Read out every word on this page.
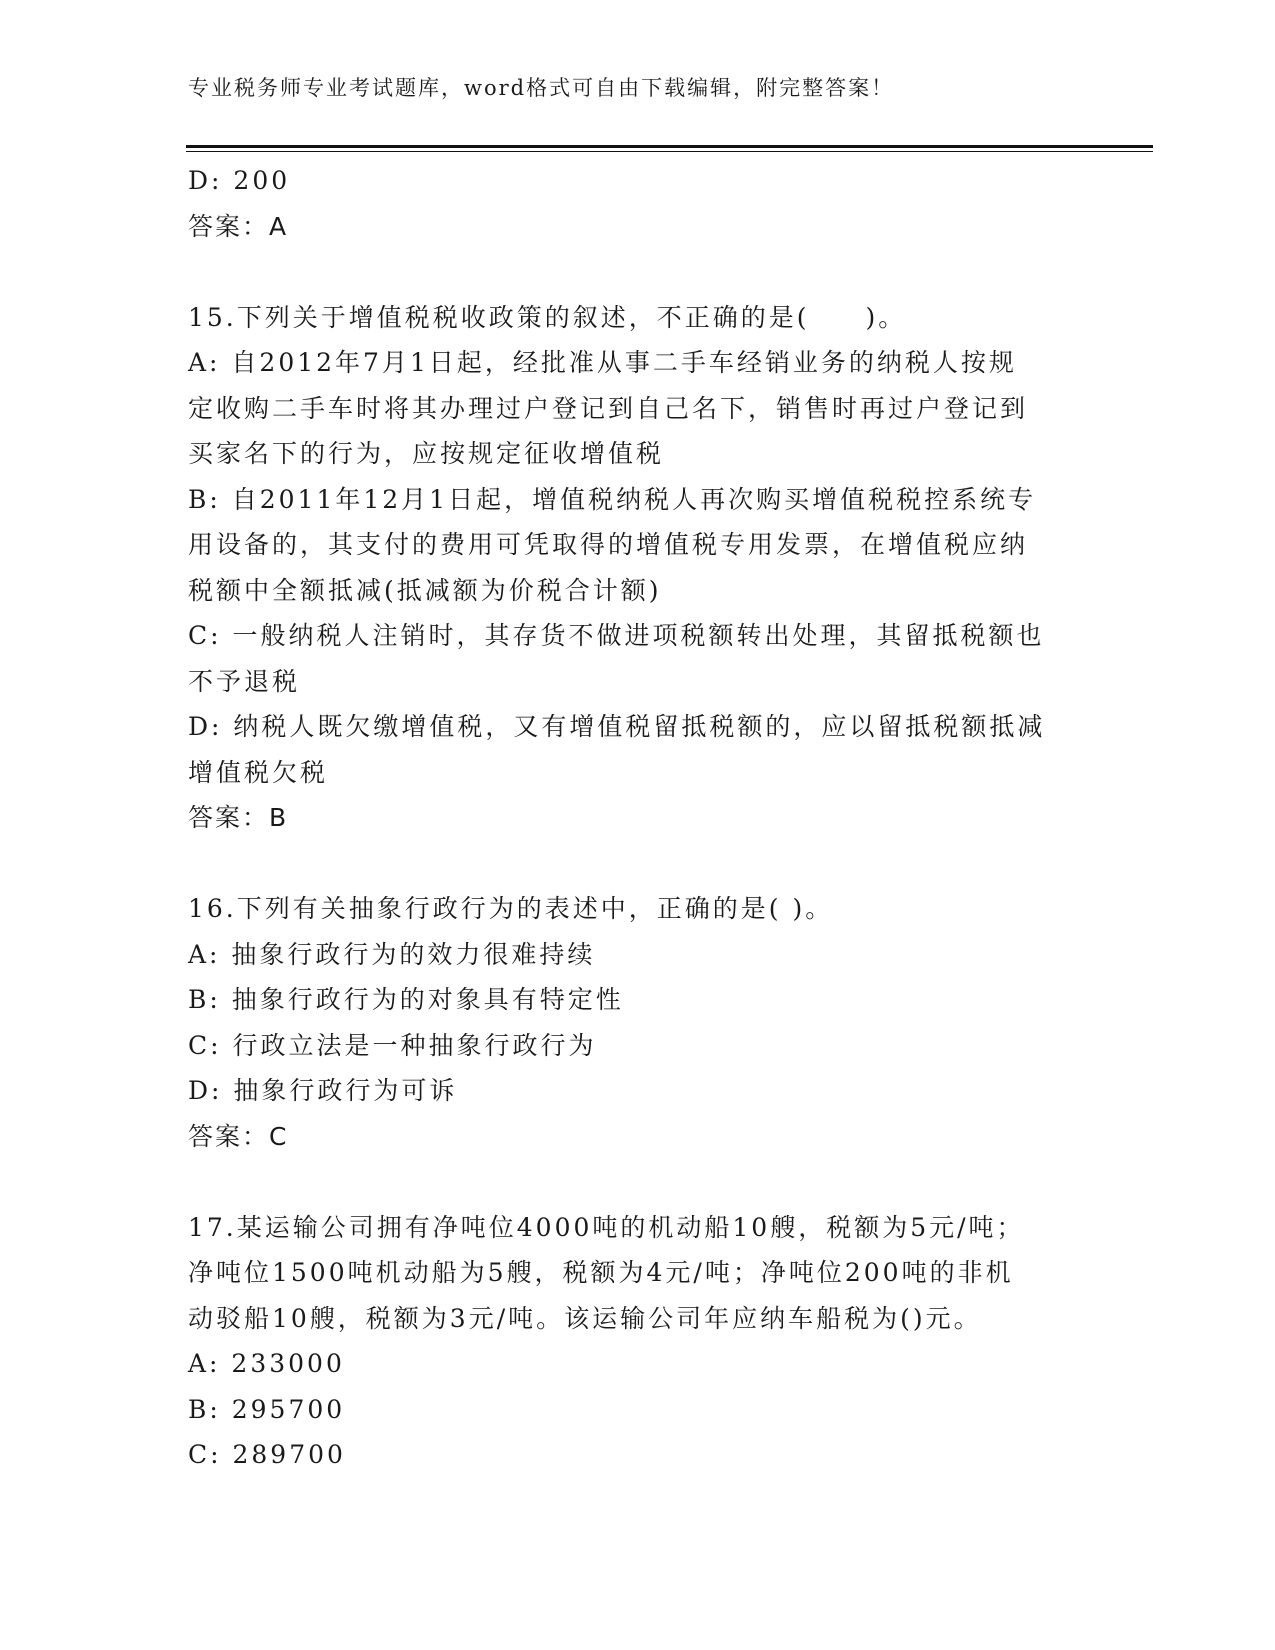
专业税务师专业考试题库，word格式可自由下载编辑，附完整答案！
D: 200
答案：A
15.下列关于增值税税收政策的叙述，不正确的是(　　)。
A: 自2012年7月1日起，经批准从事二手车经销业务的纳税人按规
定收购二手车时将其办理过户登记到自己名下，销售时再过户登记到
买家名下的行为，应按规定征收增值税
B: 自2011年12月1日起，增值税纳税人再次购买增值税税控系统专
用设备的，其支付的费用可凭取得的增值税专用发票，在增值税应纳
税额中全额抵减(抵减额为价税合计额)
C: 一般纳税人注销时，其存货不做进项税额转出处理，其留抵税额也
不予退税
D: 纳税人既欠缴增值税，又有增值税留抵税额的，应以留抵税额抵减
增值税欠税
答案：B
16.下列有关抽象行政行为的表述中，正确的是( )。
A: 抽象行政行为的效力很难持续
B: 抽象行政行为的对象具有特定性
C: 行政立法是一种抽象行政行为
D: 抽象行政行为可诉
答案：C
17.某运输公司拥有净吨位4000吨的机动船10艘，税额为5元/吨；
净吨位1500吨机动船为5艘，税额为4元/吨；净吨位200吨的非机
动驳船10艘，税额为3元/吨。该运输公司年应纳车船税为()元。
A: 233000
B: 295700
C: 289700
